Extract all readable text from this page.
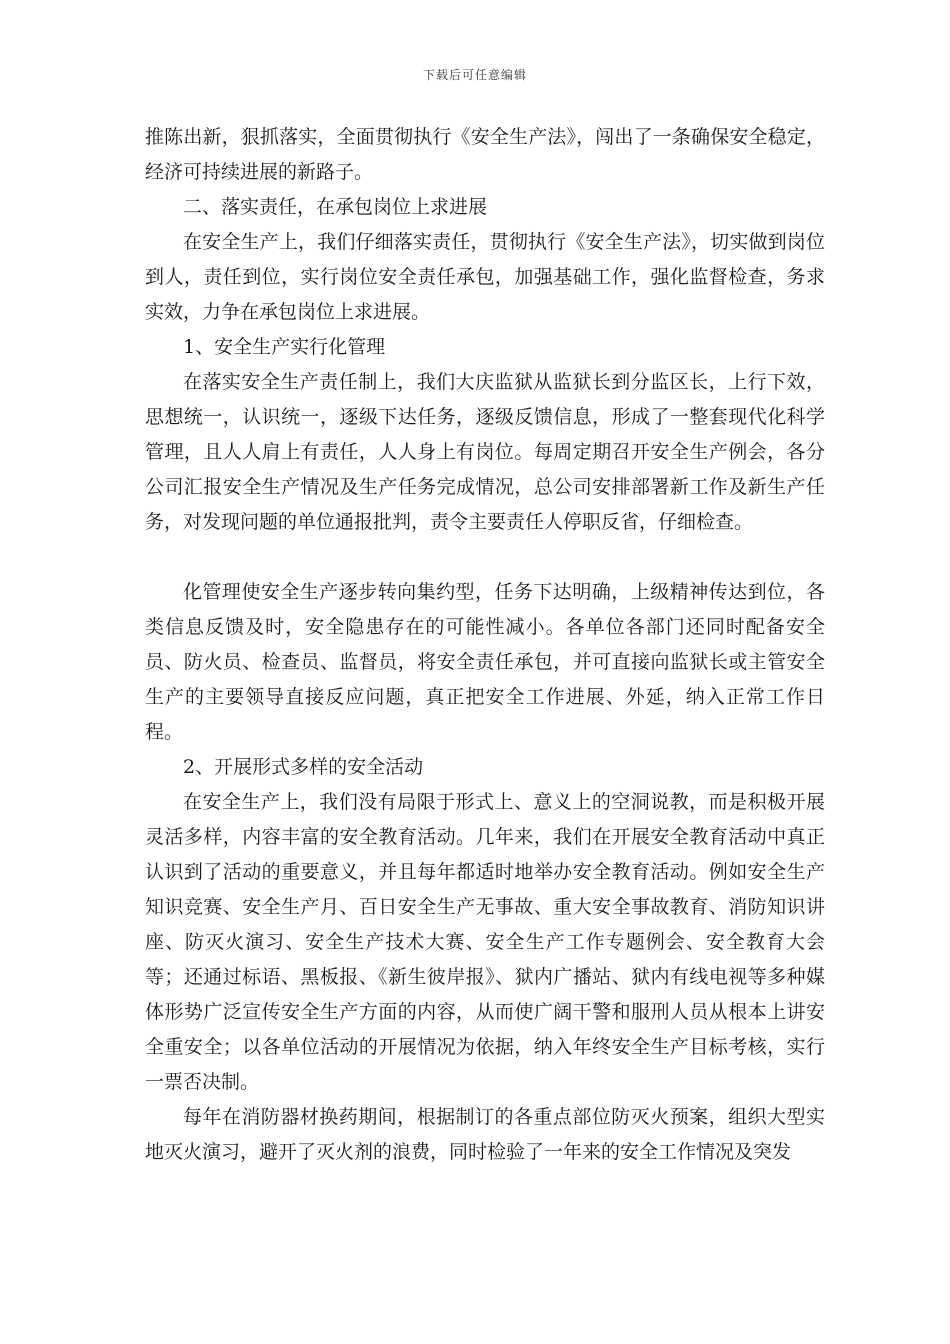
下载后可任意编辑

推陈出新，狠抓落实，全面贯彻执行《安全生产法》，闯出了一条确保安全稳定，经济可持续进展的新路子。

二、落实责任，在承包岗位上求进展

在安全生产上，我们仔细落实责任，贯彻执行《安全生产法》，切实做到岗位到人，责任到位，实行岗位安全责任承包，加强基础工作，强化监督检查，务求实效，力争在承包岗位上求进展。

1、安全生产实行化管理

在落实安全生产责任制上，我们大庆监狱从监狱长到分监区长，上行下效，思想统一，认识统一，逐级下达任务，逐级反馈信息，形成了一整套现代化科学管理，且人人肩上有责任，人人身上有岗位。每周定期召开安全生产例会，各分公司汇报安全生产情况及生产任务完成情况，总公司安排部署新工作及新生产任务，对发现问题的单位通报批判，责令主要责任人停职反省，仔细检查。

化管理使安全生产逐步转向集约型，任务下达明确，上级精神传达到位，各类信息反馈及时，安全隐患存在的可能性减小。各单位各部门还同时配备安全员、防火员、检查员、监督员，将安全责任承包，并可直接向监狱长或主管安全生产的主要领导直接反应问题，真正把安全工作进展、外延，纳入正常工作日程。

2、开展形式多样的安全活动

在安全生产上，我们没有局限于形式上、意义上的空洞说教，而是积极开展灵活多样，内容丰富的安全教育活动。几年来，我们在开展安全教育活动中真正认识到了活动的重要意义，并且每年都适时地举办安全教育活动。例如安全生产知识竞赛、安全生产月、百日安全生产无事故、重大安全事故教育、消防知识讲座、防灭火演习、安全生产技术大赛、安全生产工作专题例会、安全教育大会等；还通过标语、黑板报、《新生彼岸报》、狱内广播站、狱内有线电视等多种媒体形势广泛宣传安全生产方面的内容，从而使广阔干警和服刑人员从根本上讲安全重安全；以各单位活动的开展情况为依据，纳入年终安全生产目标考核，实行一票否决制。

每年在消防器材换药期间，根据制订的各重点部位防灭火预案，组织大型实地灭火演习，避开了灭火剂的浪费，同时检验了一年来的安全工作情况及突发
